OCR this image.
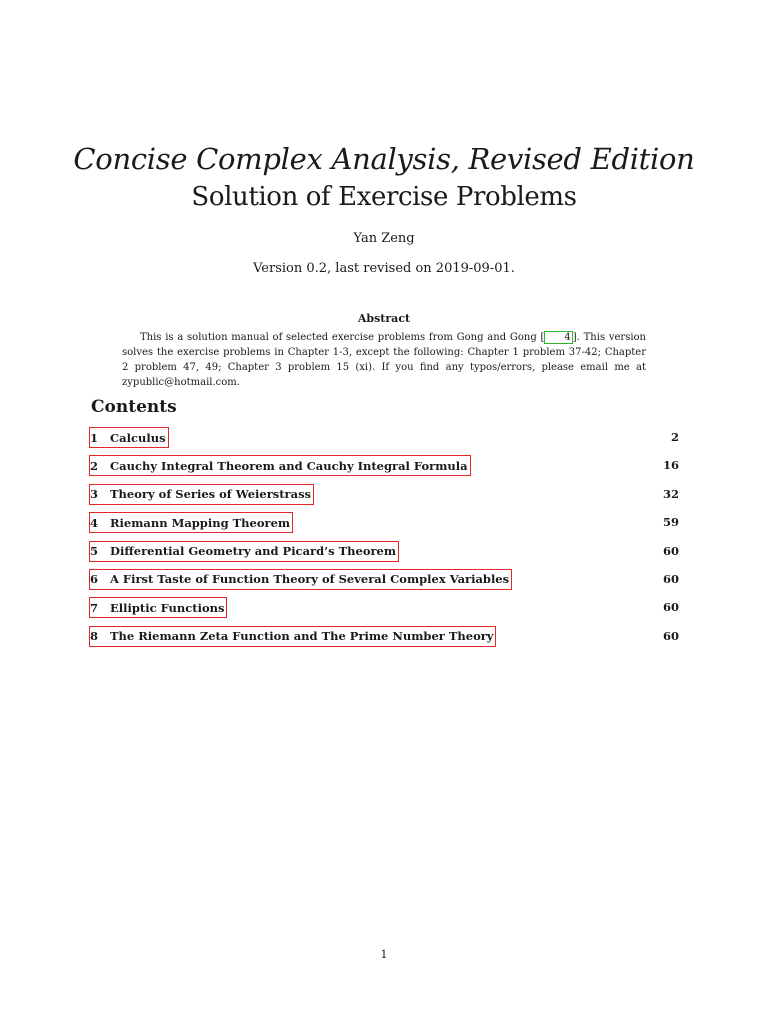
Concise Complex Analysis, Revised Edition

Solution of Exercise Problems

Yan Zeng
Version 0.2, last revised on 2019-09-01.
Abstract
This is a solution manual of selected exercise problems from Gong and Gong [ 4 ]. This version solves the exercise problems in Chapter 1-3, except the following: Chapter 1 problem 37-42; Chapter 2 problem 47, 49; Chapter 3 problem 15 (xi). If you find any typos/errors, please email me at zypublic@hotmail.com.
Contents
1	Calculus	2
2	Cauchy Integral Theorem and Cauchy Integral Formula	16
3	Theory of Series of Weierstrass	32
4	Riemann Mapping Theorem	59
5	Differential Geometry and Picard’s Theorem	60
6	A First Taste of Function Theory of Several Complex Variables	60
7	Elliptic Functions	60
8	The Riemann Zeta Function and The Prime Number Theory	60
1
